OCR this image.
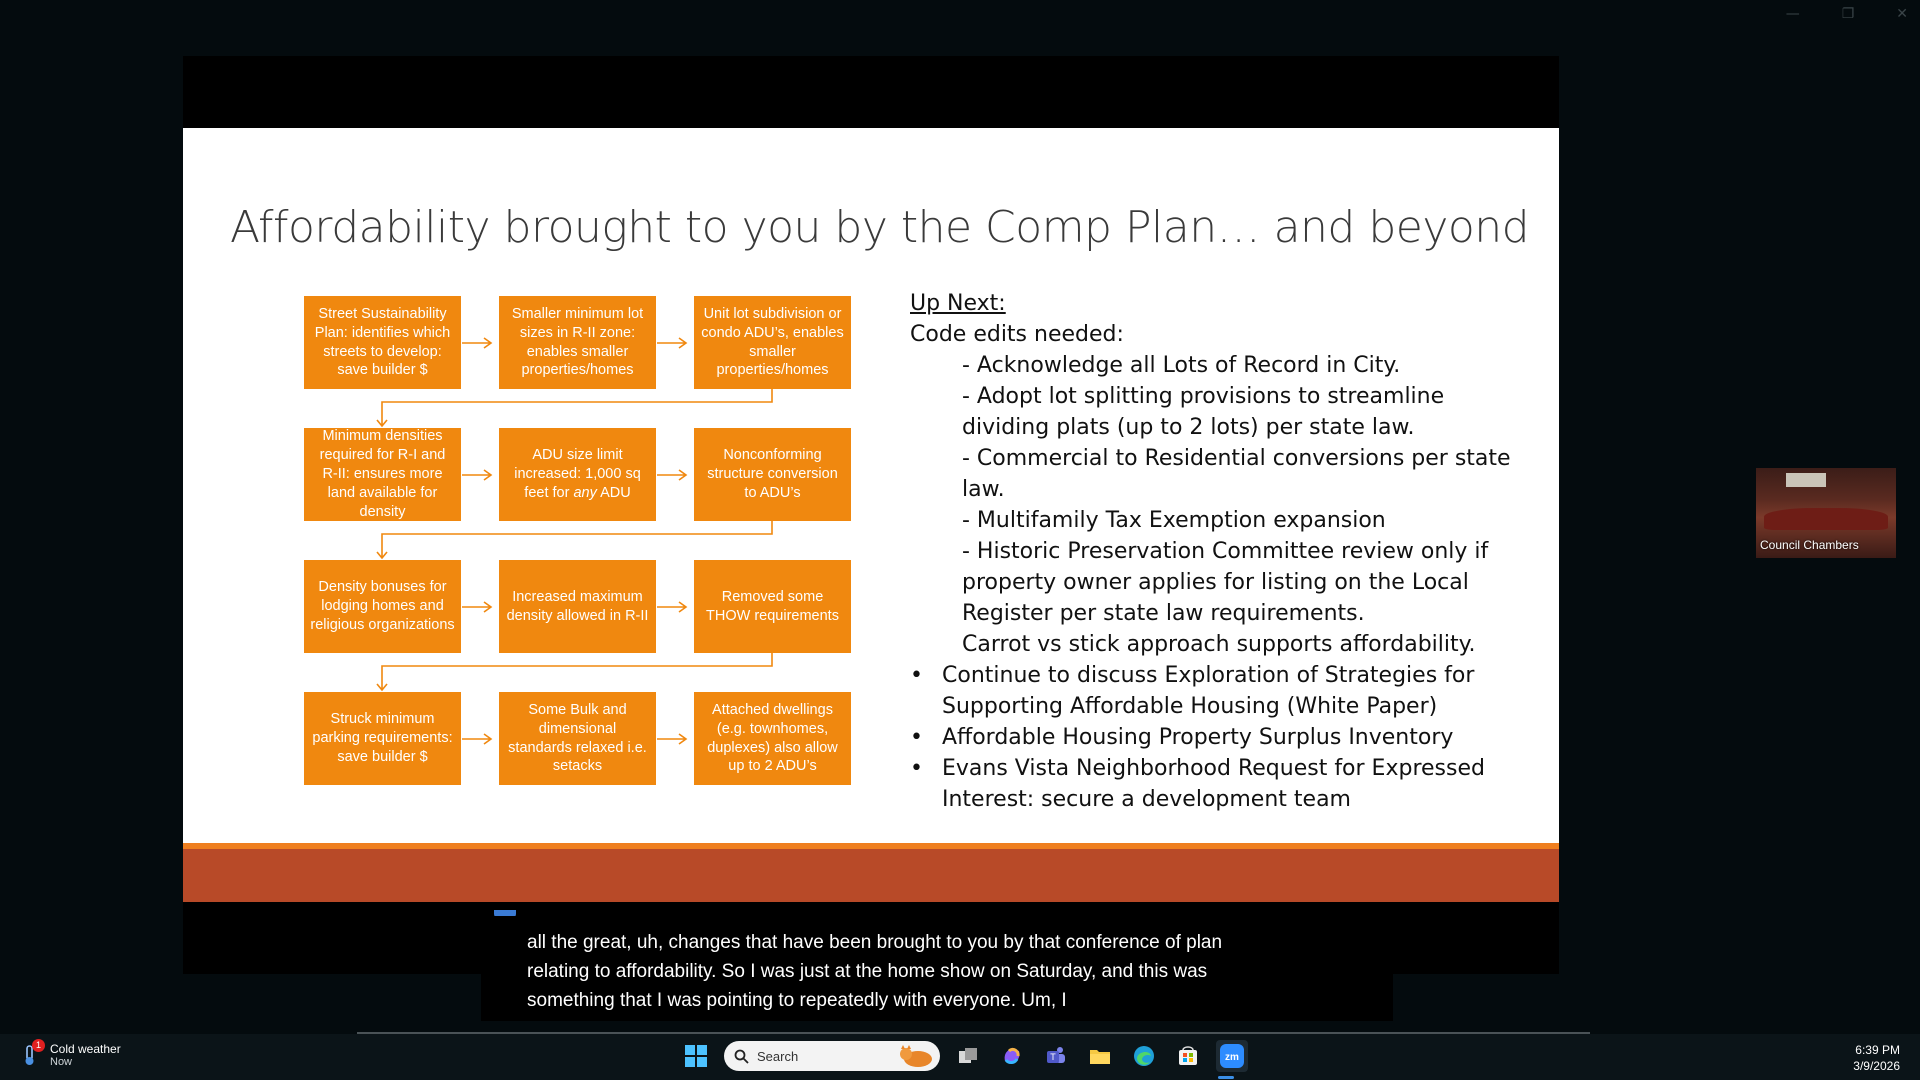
—	❐	✕
Affordability brought to you by the Comp Plan… and beyond
Street Sustainability Plan: identifies which streets to develop: save builder $
Smaller minimum lot sizes in R-II zone: enables smaller properties/homes
Unit lot subdivision or condo ADU’s, enables smaller properties/homes
Minimum densities required for R-I and R-II: ensures more land available for density
ADU size limit increased: 1,000 sq feet for any ADU
Nonconforming structure conversion to ADU’s
Density bonuses for lodging homes and religious organizations
Increased maximum density allowed in R-II
Removed some THOW requirements
Struck minimum parking requirements: save builder $
Some Bulk and dimensional standards relaxed i.e. setacks
Attached dwellings (e.g. townhomes, duplexes) also allow up to 2 ADU’s
Up Next:
Code edits needed:
- Acknowledge all Lots of Record in City.
- Adopt lot splitting provisions to streamline dividing plats (up to 2 lots) per state law.
- Commercial to Residential conversions per state law.
- Multifamily Tax Exemption expansion
- Historic Preservation Committee review only if property owner applies for listing on the Local Register per state law requirements.
Carrot vs stick approach supports affordability.
• Continue to discuss Exploration of Strategies for Supporting Affordable Housing (White Paper)
• Affordable Housing Property Surplus Inventory
• Evans Vista Neighborhood Request for Expressed Interest: secure a development team
all the great, uh, changes that have been brought to you by that conference of plan
relating to affordability. So I was just at the home show on Saturday, and this was
something that I was pointing to repeatedly with everyone. Um, I
Council Chambers
1 Cold weather
Now	Search	T	zm
6:39 PM
3/9/2026
